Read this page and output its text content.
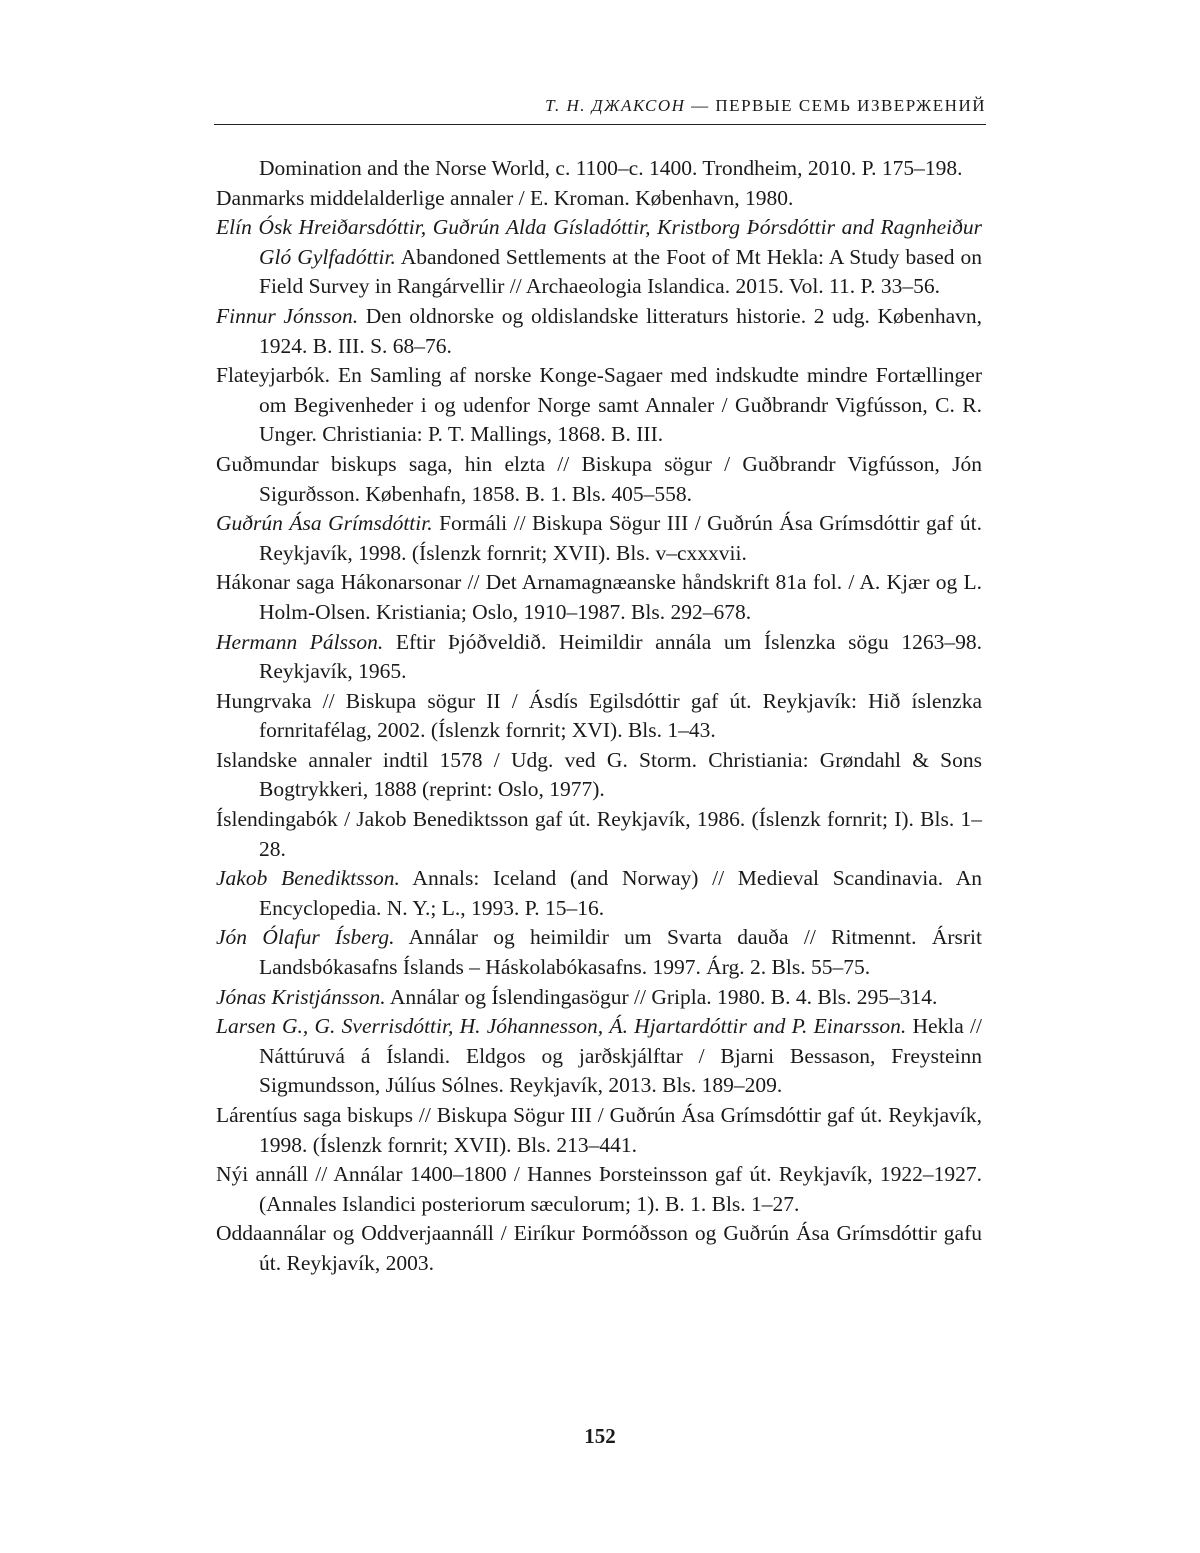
Т. Н. ДЖАКСОН — ПЕРВЫЕ СЕМЬ ИЗВЕРЖЕНИЙ
Domination and the Norse World, c. 1100–c. 1400. Trondheim, 2010. P. 175–198.
Danmarks middelalderlige annaler / E. Kroman. København, 1980.
Elín Ósk Hreiðarsdóttir, Guðrún Alda Gísladóttir, Kristborg Þórsdóttir and Ragnheiður Gló Gylfadóttir. Abandoned Settlements at the Foot of Mt Hekla: A Study based on Field Survey in Rangárvellir // Archaeologia Islandica. 2015. Vol. 11. P. 33–56.
Finnur Jónsson. Den oldnorske og oldislandske litteraturs historie. 2 udg. København, 1924. B. III. S. 68–76.
Flateyjarbók. En Samling af norske Konge-Sagaer med indskudte mindre Fortællinger om Begivenheder i og udenfor Norge samt Annaler / Guðbrandr Vigfússon, C. R. Unger. Christiania: P. T. Mallings, 1868. B. III.
Guðmundar biskups saga, hin elzta // Biskupa sögur / Guðbrandr Vigfússon, Jón Sigurðsson. Københafn, 1858. B. 1. Bls. 405–558.
Guðrún Ása Grímsdóttir. Formáli // Biskupa Sögur III / Guðrún Ása Grímsdóttir gaf út. Reykjavík, 1998. (Íslenzk fornrit; XVII). Bls. v–cxxxvii.
Hákonar saga Hákonarsonar // Det Arnamagnæanske håndskrift 81a fol. / A. Kjær og L. Holm-Olsen. Kristiania; Oslo, 1910–1987. Bls. 292–678.
Hermann Pálsson. Eftir Þjóðveldið. Heimildir annála um Íslenzka sögu 1263–98. Reykjavík, 1965.
Hungrvaka // Biskupa sögur II / Ásdís Egilsdóttir gaf út. Reykjavík: Hið íslenzka fornritafélag, 2002. (Íslenzk fornrit; XVI). Bls. 1–43.
Islandske annaler indtil 1578 / Udg. ved G. Storm. Christiania: Grøndahl & Sons Bogtrykkeri, 1888 (reprint: Oslo, 1977).
Íslendingabók / Jakob Benediktsson gaf út. Reykjavík, 1986. (Íslenzk fornrit; I). Bls. 1–28.
Jakob Benediktsson. Annals: Iceland (and Norway) // Medieval Scandinavia. An Encyclopedia. N. Y.; L., 1993. P. 15–16.
Jón Ólafur Ísberg. Annálar og heimildir um Svarta dauða // Ritmennt. Ársrit Landsbókasafns Íslands – Háskolabókasafns. 1997. Árg. 2. Bls. 55–75.
Jónas Kristjánsson. Annálar og Íslendingasögur // Gripla. 1980. B. 4. Bls. 295–314.
Larsen G., G. Sverrisdóttir, H. Jóhannesson, Á. Hjartardóttir and P. Einarsson. Hekla // Náttúruvá á Íslandi. Eldgos og jarðskjálftar / Bjarni Bessason, Freysteinn Sigmundsson, Júlíus Sólnes. Reykjavík, 2013. Bls. 189–209.
Lárentíus saga biskups // Biskupa Sögur III / Guðrún Ása Grímsdóttir gaf út. Reykjavík, 1998. (Íslenzk fornrit; XVII). Bls. 213–441.
Nýi annáll // Annálar 1400–1800 / Hannes Þorsteinsson gaf út. Reykjavík, 1922–1927. (Annales Islandici posteriorum sæculorum; 1). B. 1. Bls. 1–27.
Oddaannálar og Oddverjaannáll / Eiríkur Þormóðsson og Guðrún Ása Grímsdóttir gafu út. Reykjavík, 2003.
152
